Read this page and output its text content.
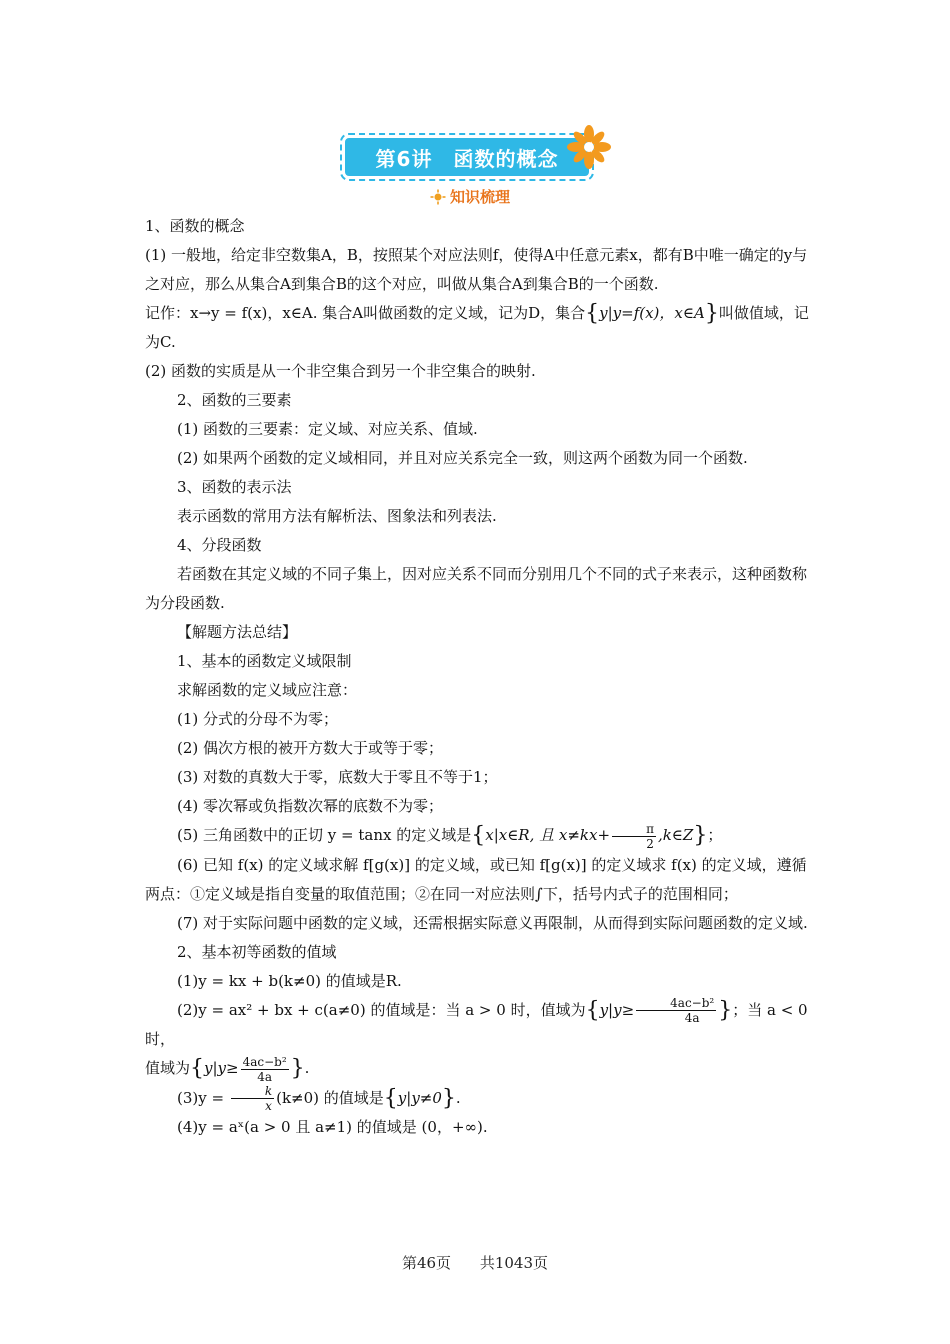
第6讲　函数的概念
知识梳理

1、函数的概念

(1) 一般地，给定非空数集A，B，按照某个对应法则f，使得A中任意元素x，都有B中唯一确定的y与之对应，那么从集合A到集合B的这个对应，叫做从集合A到集合B的一个函数.

记作：x→y = f(x)，x∈A. 集合A叫做函数的定义域，记为D，集合{y|y=f(x)，x∈A}叫做值域，记为C.

(2) 函数的实质是从一个非空集合到另一个非空集合的映射.

2、函数的三要素

(1) 函数的三要素：定义域、对应关系、值域.

(2) 如果两个函数的定义域相同，并且对应关系完全一致，则这两个函数为同一个函数.

3、函数的表示法

表示函数的常用方法有解析法、图象法和列表法.

4、分段函数

若函数在其定义域的不同子集上，因对应关系不同而分别用几个不同的式子来表示，这种函数称为分段函数.

【解题方法总结】

1、基本的函数定义域限制

求解函数的定义域应注意：

(1) 分式的分母不为零；

(2) 偶次方根的被开方数大于或等于零；

(3) 对数的真数大于零，底数大于零且不等于1；

(4) 零次幂或负指数次幂的底数不为零；

(5) 三角函数中的正切 y = tanx 的定义域是{x|x∈R, 且 $x\ne kx+ \frac{\pi}{2}$ ,k∈Z}；

(6) 已知 f(x) 的定义域求解 f[g(x)] 的定义域，或已知 f[g(x)] 的定义域求 f(x) 的定义域，遵循两点：①定义域是指自变量的取值范围；②在同一对应法则∫下，括号内式子的范围相同；

(7) 对于实际问题中函数的定义域，还需根据实际意义再限制，从而得到实际问题函数的定义域.

2、基本初等函数的值域

(1)y = kx + b(k≠0) 的值域是R.

(2)y = ax² + bx + c(a≠0) 的值域是：当 a > 0 时，值域为{$y|y\ge \frac{\text{4ac−b²}}{4a}$ }；当 a < 0 时，

值域为{$y|y\ge \frac{\text{4ac−b²}}{4a}$ }.

$(3)y = \frac{k}{x} (k\ne 0)$ 的值域是{y|y≠0}.

(4)y = aˣ(a > 0 且 a≠1) 的值域是 (0，+∞).

第46页 共1043页
